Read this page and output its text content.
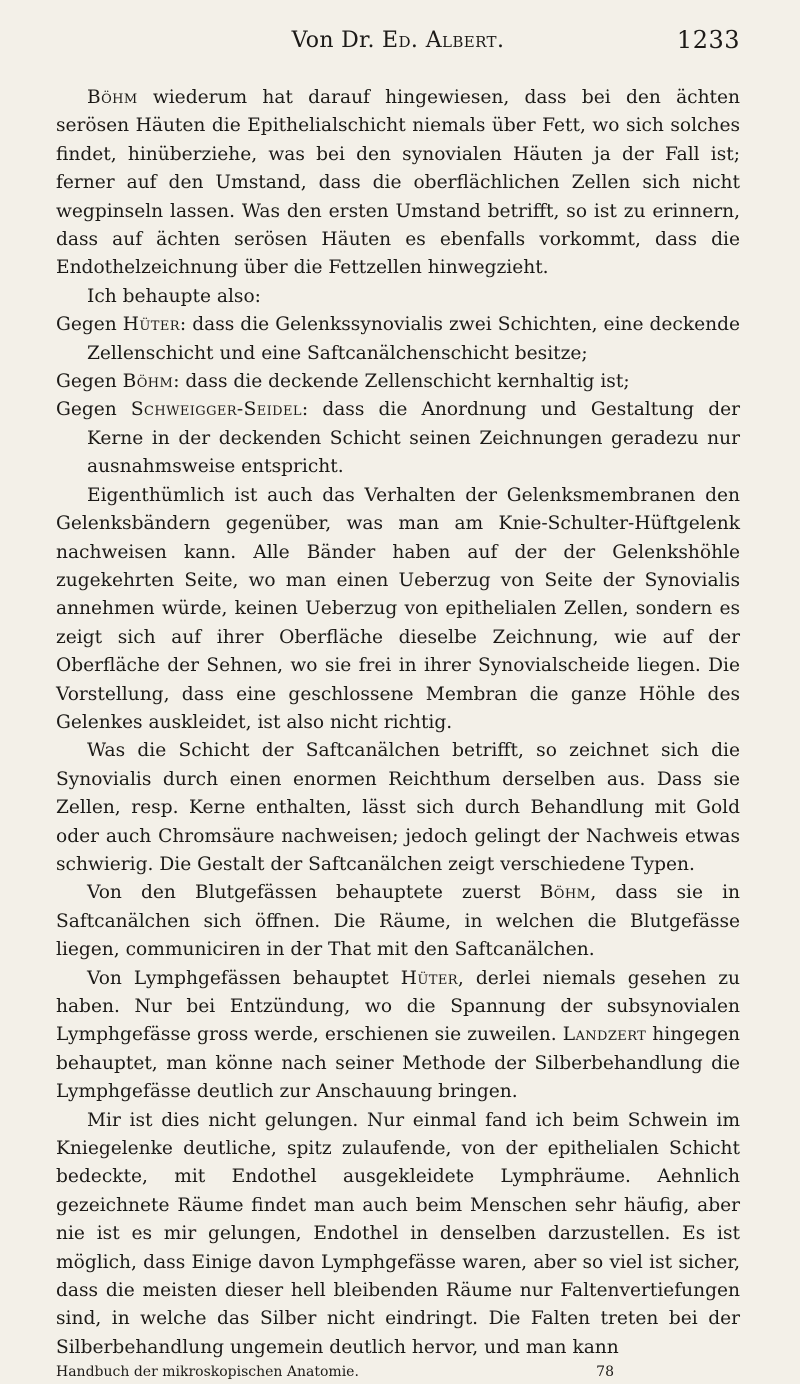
Von Dr. Ed. Albert.	1233

Böhm wiederum hat darauf hingewiesen, dass bei den ächten serösen Häuten die Epithelialschicht niemals über Fett, wo sich solches findet, hinüberziehe, was bei den synovialen Häuten ja der Fall ist; ferner auf den Umstand, dass die oberflächlichen Zellen sich nicht wegpinseln lassen. Was den ersten Umstand betrifft, so ist zu erinnern, dass auf ächten serösen Häuten es ebenfalls vorkommt, dass die Endothelzeichnung über die Fettzellen hinwegzieht.

Ich behaupte also:

Gegen Hüter: dass die Gelenkssynovialis zwei Schichten, eine deckende Zellenschicht und eine Saftcanälchenschicht besitze;

Gegen Böhm: dass die deckende Zellenschicht kernhaltig ist;

Gegen Schweigger-Seidel: dass die Anordnung und Gestaltung der Kerne in der deckenden Schicht seinen Zeichnungen geradezu nur ausnahmsweise entspricht.

Eigenthümlich ist auch das Verhalten der Gelenksmembranen den Gelenksbändern gegenüber, was man am Knie-Schulter-Hüftgelenk nachweisen kann. Alle Bänder haben auf der der Gelenkshöhle zugekehrten Seite, wo man einen Ueberzug von Seite der Synovialis annehmen würde, keinen Ueberzug von epithelialen Zellen, sondern es zeigt sich auf ihrer Oberfläche dieselbe Zeichnung, wie auf der Oberfläche der Sehnen, wo sie frei in ihrer Synovialscheide liegen. Die Vorstellung, dass eine geschlossene Membran die ganze Höhle des Gelenkes auskleidet, ist also nicht richtig.

Was die Schicht der Saftcanälchen betrifft, so zeichnet sich die Synovialis durch einen enormen Reichthum derselben aus. Dass sie Zellen, resp. Kerne enthalten, lässt sich durch Behandlung mit Gold oder auch Chromsäure nachweisen; jedoch gelingt der Nachweis etwas schwierig. Die Gestalt der Saftcanälchen zeigt verschiedene Typen.

Von den Blutgefässen behauptete zuerst Böhm, dass sie in Saftcanälchen sich öffnen. Die Räume, in welchen die Blutgefässe liegen, communiciren in der That mit den Saftcanälchen.

Von Lymphgefässen behauptet Hüter, derlei niemals gesehen zu haben. Nur bei Entzündung, wo die Spannung der subsynovialen Lymphgefässe gross werde, erschienen sie zuweilen. Landzert hingegen behauptet, man könne nach seiner Methode der Silberbehandlung die Lymphgefässe deutlich zur Anschauung bringen.

Mir ist dies nicht gelungen. Nur einmal fand ich beim Schwein im Kniegelenke deutliche, spitz zulaufende, von der epithelialen Schicht bedeckte, mit Endothel ausgekleidete Lymphräume. Aehnlich gezeichnete Räume findet man auch beim Menschen sehr häufig, aber nie ist es mir gelungen, Endothel in denselben darzustellen. Es ist möglich, dass Einige davon Lymphgefässe waren, aber so viel ist sicher, dass die meisten dieser hell bleibenden Räume nur Faltenvertiefungen sind, in welche das Silber nicht eindringt. Die Falten treten bei der Silberbehandlung ungemein deutlich hervor, und man kann

Handbuch der mikroskopischen Anatomie.	78
